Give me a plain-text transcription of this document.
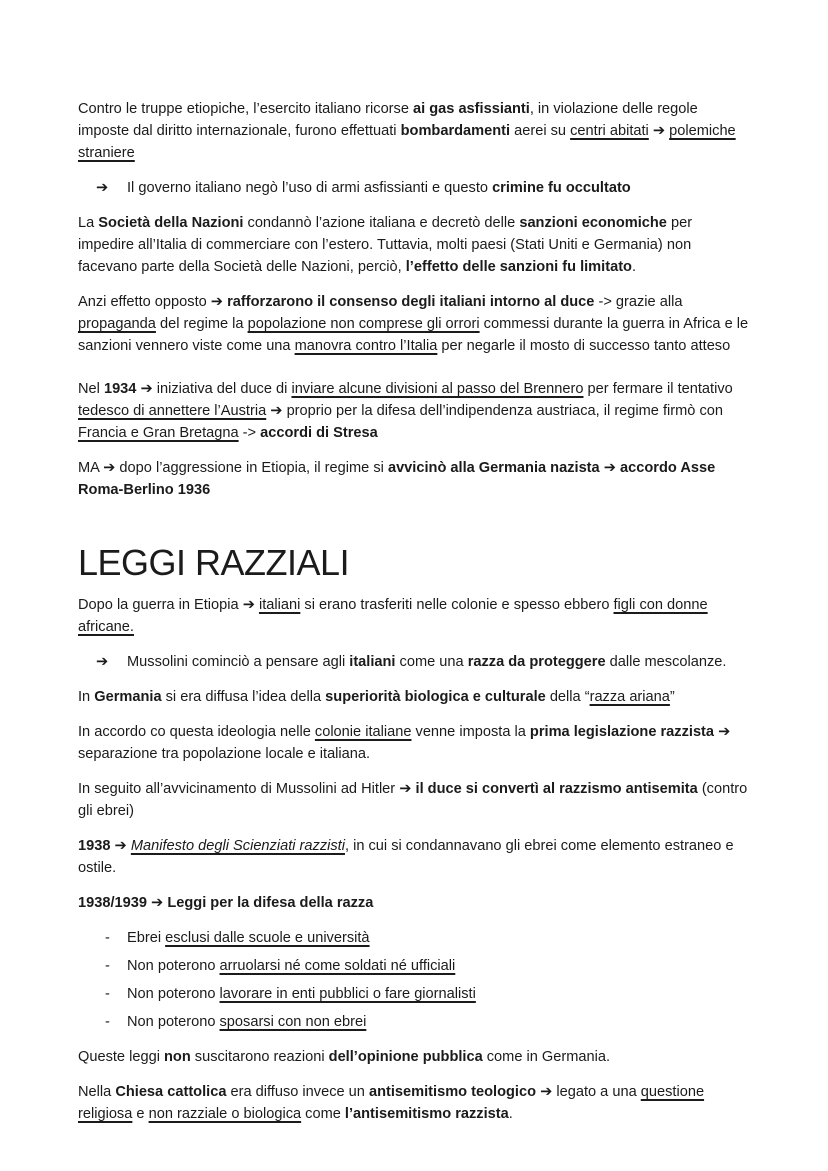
Contro le truppe etiopiche, l’esercito italiano ricorse ai gas asfissianti, in violazione delle regole imposte dal diritto internazionale, furono effettuati bombardamenti aerei su centri abitati ➔ polemiche straniere

➔	Il governo italiano negò l’uso di armi asfissianti e questo crimine fu occultato

La Società della Nazioni condannò l’azione italiana e decretò delle sanzioni economiche per impedire all’Italia di commerciare con l’estero. Tuttavia, molti paesi (Stati Uniti e Germania) non facevano parte della Società delle Nazioni, perciò, l’effetto delle sanzioni fu limitato.

Anzi effetto opposto ➔ rafforzarono il consenso degli italiani intorno al duce -> grazie alla propaganda del regime la popolazione non comprese gli orrori commessi durante la guerra in Africa e le sanzioni vennero viste come una manovra contro l’Italia per negarle il mosto di successo tanto atteso

Nel 1934 ➔ iniziativa del duce di inviare alcune divisioni al passo del Brennero per fermare il tentativo tedesco di annettere l’Austria ➔ proprio per la difesa dell’indipendenza austriaca, il regime firmò con Francia e Gran Bretagna -> accordi di Stresa

MA ➔ dopo l’aggressione in Etiopia, il regime si avvicinò alla Germania nazista ➔ accordo Asse Roma-Berlino 1936

LEGGI RAZZIALI

Dopo la guerra in Etiopia ➔ italiani si erano trasferiti nelle colonie e spesso ebbero figli con donne africane.

➔	Mussolini cominciò a pensare agli italiani come una razza da proteggere dalle mescolanze.

In Germania si era diffusa l’idea della superiorità biologica e culturale della “razza ariana”

In accordo co questa ideologia nelle colonie italiane venne imposta la prima legislazione razzista ➔ separazione tra popolazione locale e italiana.

In seguito all’avvicinamento di Mussolini ad Hitler ➔ il duce si convertì al razzismo antisemita (contro gli ebrei)

1938 ➔ Manifesto degli Scienziati razzisti, in cui si condannavano gli ebrei come elemento estraneo e ostile.

1938/1939 ➔ Leggi per la difesa della razza

-	Ebrei esclusi dalle scuole e università
-	Non poterono arruolarsi né come soldati né ufficiali
-	Non poterono lavorare in enti pubblici o fare giornalisti
-	Non poterono sposarsi con non ebrei

Queste leggi non suscitarono reazioni dell’opinione pubblica come in Germania.

Nella Chiesa cattolica era diffuso invece un antisemitismo teologico ➔ legato a una questione religiosa e non razziale o biologica come l’antisemitismo razzista.
